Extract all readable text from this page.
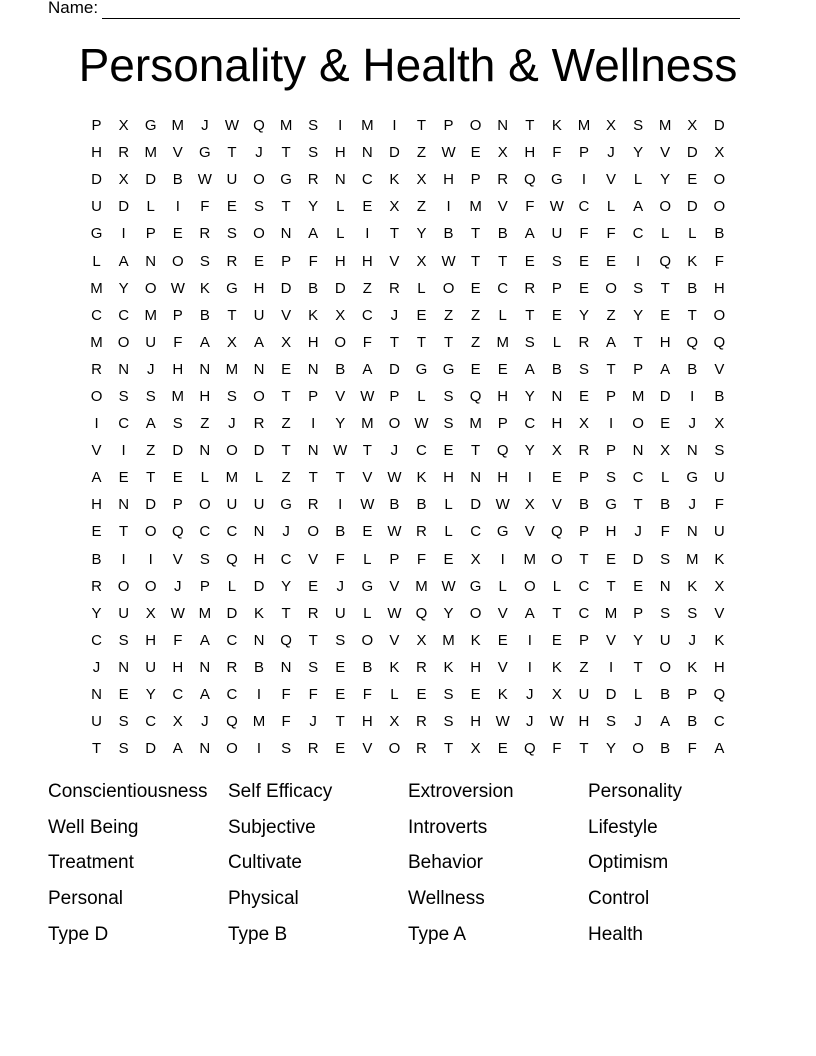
Name:
Personality & Health & Wellness
P	X	G M	J	W Q M	S	I	M	I	T	P	O	N	T	K	M	X	S	M	X	D
H	R	M	V	G	T	J	T	S	H	N	D	Z	W E	X	H	F	P	J	Y	V	D	X
D	X	D	B W U	O	G	R	N	C	K	X	H	P	R	Q	G	I	V	L	Y	E	O
U	D	L	I	F	E	S	T	Y	L	E	X	Z	I	M	V	F	W C	L	A	O	D	O
G	I	P	E	R	S	O	N	A	L	I	T	Y	B	T	B	A	U	F	F	C	L	L	B
L	A	N	O	S	R	E	P	F	H	H	V	X W	T	T	E	S	E	E	I	Q	K	F
M	Y	O W K	G	H	D	B	D	Z	R	L	O	E	C	R	P	E	O	S	T	B	H
C	C	M	P	B	T	U	V	K	X	C	J	E	Z	Z	L	T	E	Y	Z	Y	E	T	O
M	O	U	F	A	X	A	X	H	O	F	T	T	T	Z	M	S	L	R	A	T	H	Q	Q
R	N	J	H	N	M	N	E	N	B	A	D	G	G	E	E	A	B	S	T	P	A	B	V
O	S	S	M	H	S	O	T	P	V W P	L	S	Q	H	Y	N	E	P	M	D	I	B
I	C	A	S	Z	J	R	Z	I	Y	M	O W S	M	P	C	H	X	I	O	E	J	X
V	I	Z	D	N	O	D	T	N W	T	J	C	E	T	Q	Y	X	R	P	N	X	N	S
A	E	T	E	L	M	L	Z	T	T	V W K	H	N	H	I	E	P	S	C	L	G	U
H	N	D	P	O	U	U	G	R	I	W B	B	L	D W X	V	B	G	T	B	J	F
E	T	O	Q	C	C	N	J	O	B	E W R	L	C	G	V	Q	P	H	J	F	N	U
B	I	I	V	S	Q	H	C	V	F	L	P	F	E	X	I	M	O	T	E	D	S	M	K
R	O	O	J	P	L	D	Y	E	J	G	V	M W G	L	O	L	C	T	E	N	K	X
Y	U	X W M	D	K	T	R	U	L	W Q	Y	O	V	A	T	C	M	P	S	S	V
C	S	H	F	A	C	N	Q	T	S	O	V	X	M	K	E	I	E	P	V	Y	U	J	K
J	N	U	H	N	R	B	N	S	E	B	K	R	K	H	V	I	K	Z	I	T	O	K	H
N	E	Y	C	A	C	I	F	F	E	F	L	E	S	E	K	J	X	U	D	L	B	P	Q
U	S	C	X	J	Q M	F	J	T	H	X	R	S	H W	J	W H	S	J	A	B	C
T	S	D	A	N	O	I	S	R	E	V	O	R	T	X	E	Q	F	T	Y	O	B	F	A
Conscientiousness	Self Efficacy	Extroversion	Personality
Well Being	Subjective	Introverts	Lifestyle
Treatment	Cultivate	Behavior	Optimism
Personal	Physical	Wellness	Control
Type D	Type B	Type A	Health
